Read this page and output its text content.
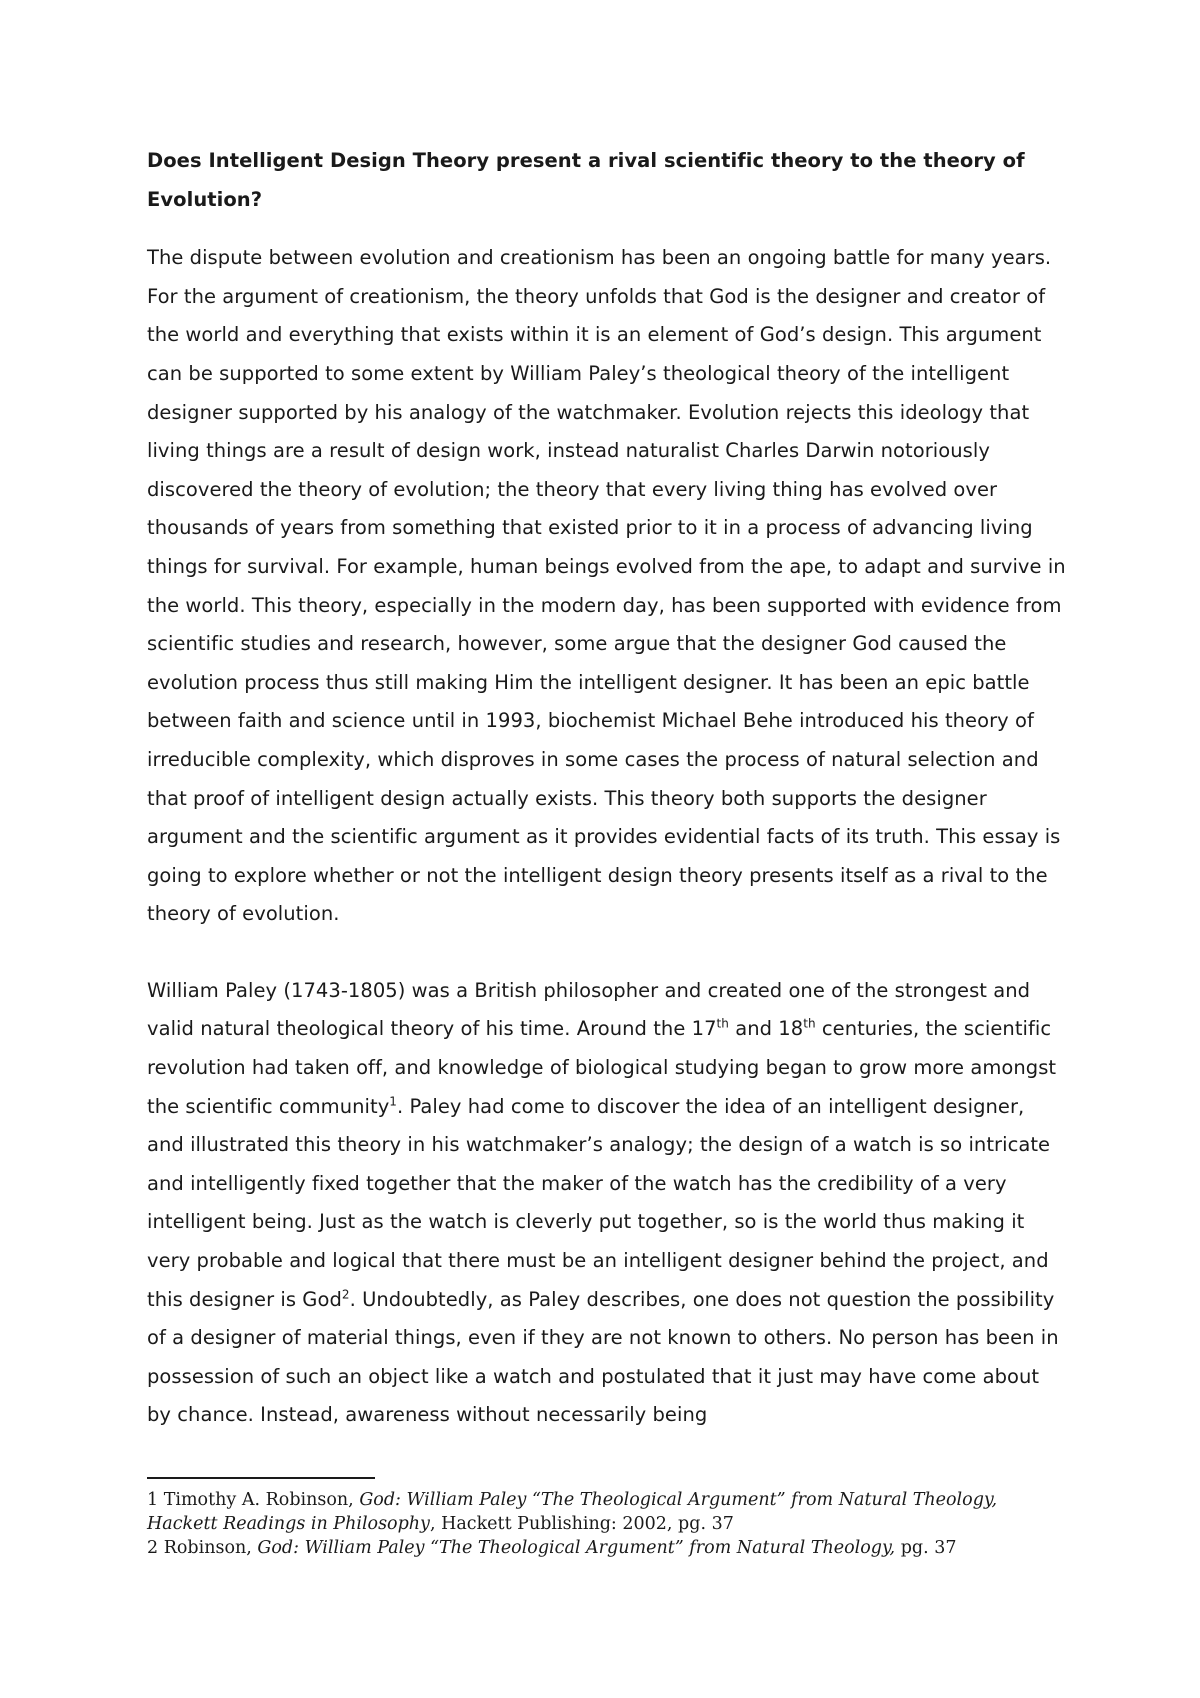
Does Intelligent Design Theory present a rival scientific theory to the theory of Evolution?
The dispute between evolution and creationism has been an ongoing battle for many years. For the argument of creationism, the theory unfolds that God is the designer and creator of the world and everything that exists within it is an element of God’s design. This argument can be supported to some extent by William Paley’s theological theory of the intelligent designer supported by his analogy of the watchmaker. Evolution rejects this ideology that living things are a result of design work, instead naturalist Charles Darwin notoriously discovered the theory of evolution; the theory that every living thing has evolved over thousands of years from something that existed prior to it in a process of advancing living things for survival. For example, human beings evolved from the ape, to adapt and survive in the world. This theory, especially in the modern day, has been supported with evidence from scientific studies and research, however, some argue that the designer God caused the evolution process thus still making Him the intelligent designer. It has been an epic battle between faith and science until in 1993, biochemist Michael Behe introduced his theory of irreducible complexity, which disproves in some cases the process of natural selection and that proof of intelligent design actually exists. This theory both supports the designer argument and the scientific argument as it provides evidential facts of its truth. This essay is going to explore whether or not the intelligent design theory presents itself as a rival to the theory of evolution.
William Paley (1743-1805) was a British philosopher and created one of the strongest and valid natural theological theory of his time. Around the 17th and 18th centuries, the scientific revolution had taken off, and knowledge of biological studying began to grow more amongst the scientific community$^1$. Paley had come to discover the idea of an intelligent designer, and illustrated this theory in his watchmaker’s analogy; the design of a watch is so intricate and intelligently fixed together that the maker of the watch has the credibility of a very intelligent being. Just as the watch is cleverly put together, so is the world thus making it very probable and logical that there must be an intelligent designer behind the project, and this designer is God$^2$. Undoubtedly, as Paley describes, one does not question the possibility of a designer of material things, even if they are not known to others. No person has been in possession of such an object like a watch and postulated that it just may have come about by chance. Instead, awareness without necessarily being

1 Timothy A. Robinson, God: William Paley “The Theological Argument” from Natural Theology, Hackett Readings in Philosophy, Hackett Publishing: 2002, pg. 37

2 Robinson, God: William Paley “The Theological Argument” from Natural Theology, pg. 37
